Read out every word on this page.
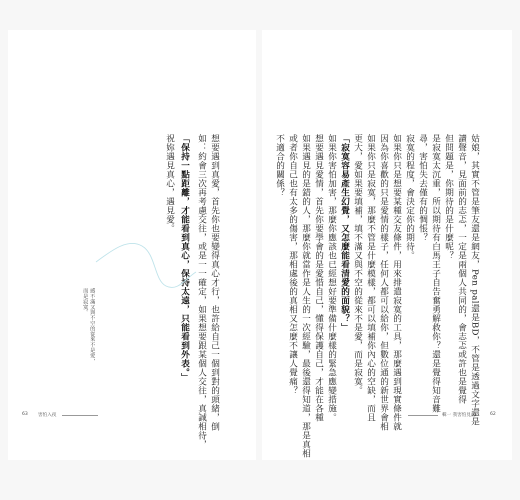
姑娘，其實不管是筆友還是網友，Pen pal還是BD，不管是透過文字還是
讀聲音，見面前的志忑，一定是兩個人共同的，會志忑或許也是覺得
但問題是，你期待的是什麼呢？
是寂寞太沉重，所以期待有白馬王子自告奮勇解救你？還是覺得知音難
尋，害怕失去僅有的惆悵？
寂寞的程度，會決定你的期待。
如果你只是想要某種交友條件，用來排遣寂寞的工具，那麼遇到現實條件就
因為你喜歡的只是愛情的樣子，任何人都可以給你，但數位通的新世界會相
如果你只是寂寞，那麼不管是什麼模樣，都可以填補你內心的空缺，而且
更大，愛如果要填補，填不滿又與不空的從來不是愛，而是寂寞。
「寂寞容易產生幻覺，又怎麼能看清愛的面貌？」
如果你害怕加害，那麼你應該也已經想好要準備什麼樣的緊急應變措施。
想要遇見愛情，首先你要學會的是愛惜自己，懂得保護自己，才能在各種
如果遇見的是錯的人，那麼你就當作是人生的一次經驗，最後還得知道，那是真相
或者你自己也有太多的傷害，那相處後的真相又怎麼不讓人覺痛？
不適合的關係？
想要遇到真愛，首先你也要變得真心才行，也許給自己一個到對的頭緒，倒
如：約會三次再考慮交往，或是一一確定，如果想要跟某個人交往，真誠相待，
「保持一點距離，才能看到真心，保持太遠，只能看到外表。」
祝妳遇見真心，遇見愛。
感不滿又與不空的從來不是愛，
而是寂寞。
63 害怕入夜	輯一 我害怕見面	62
